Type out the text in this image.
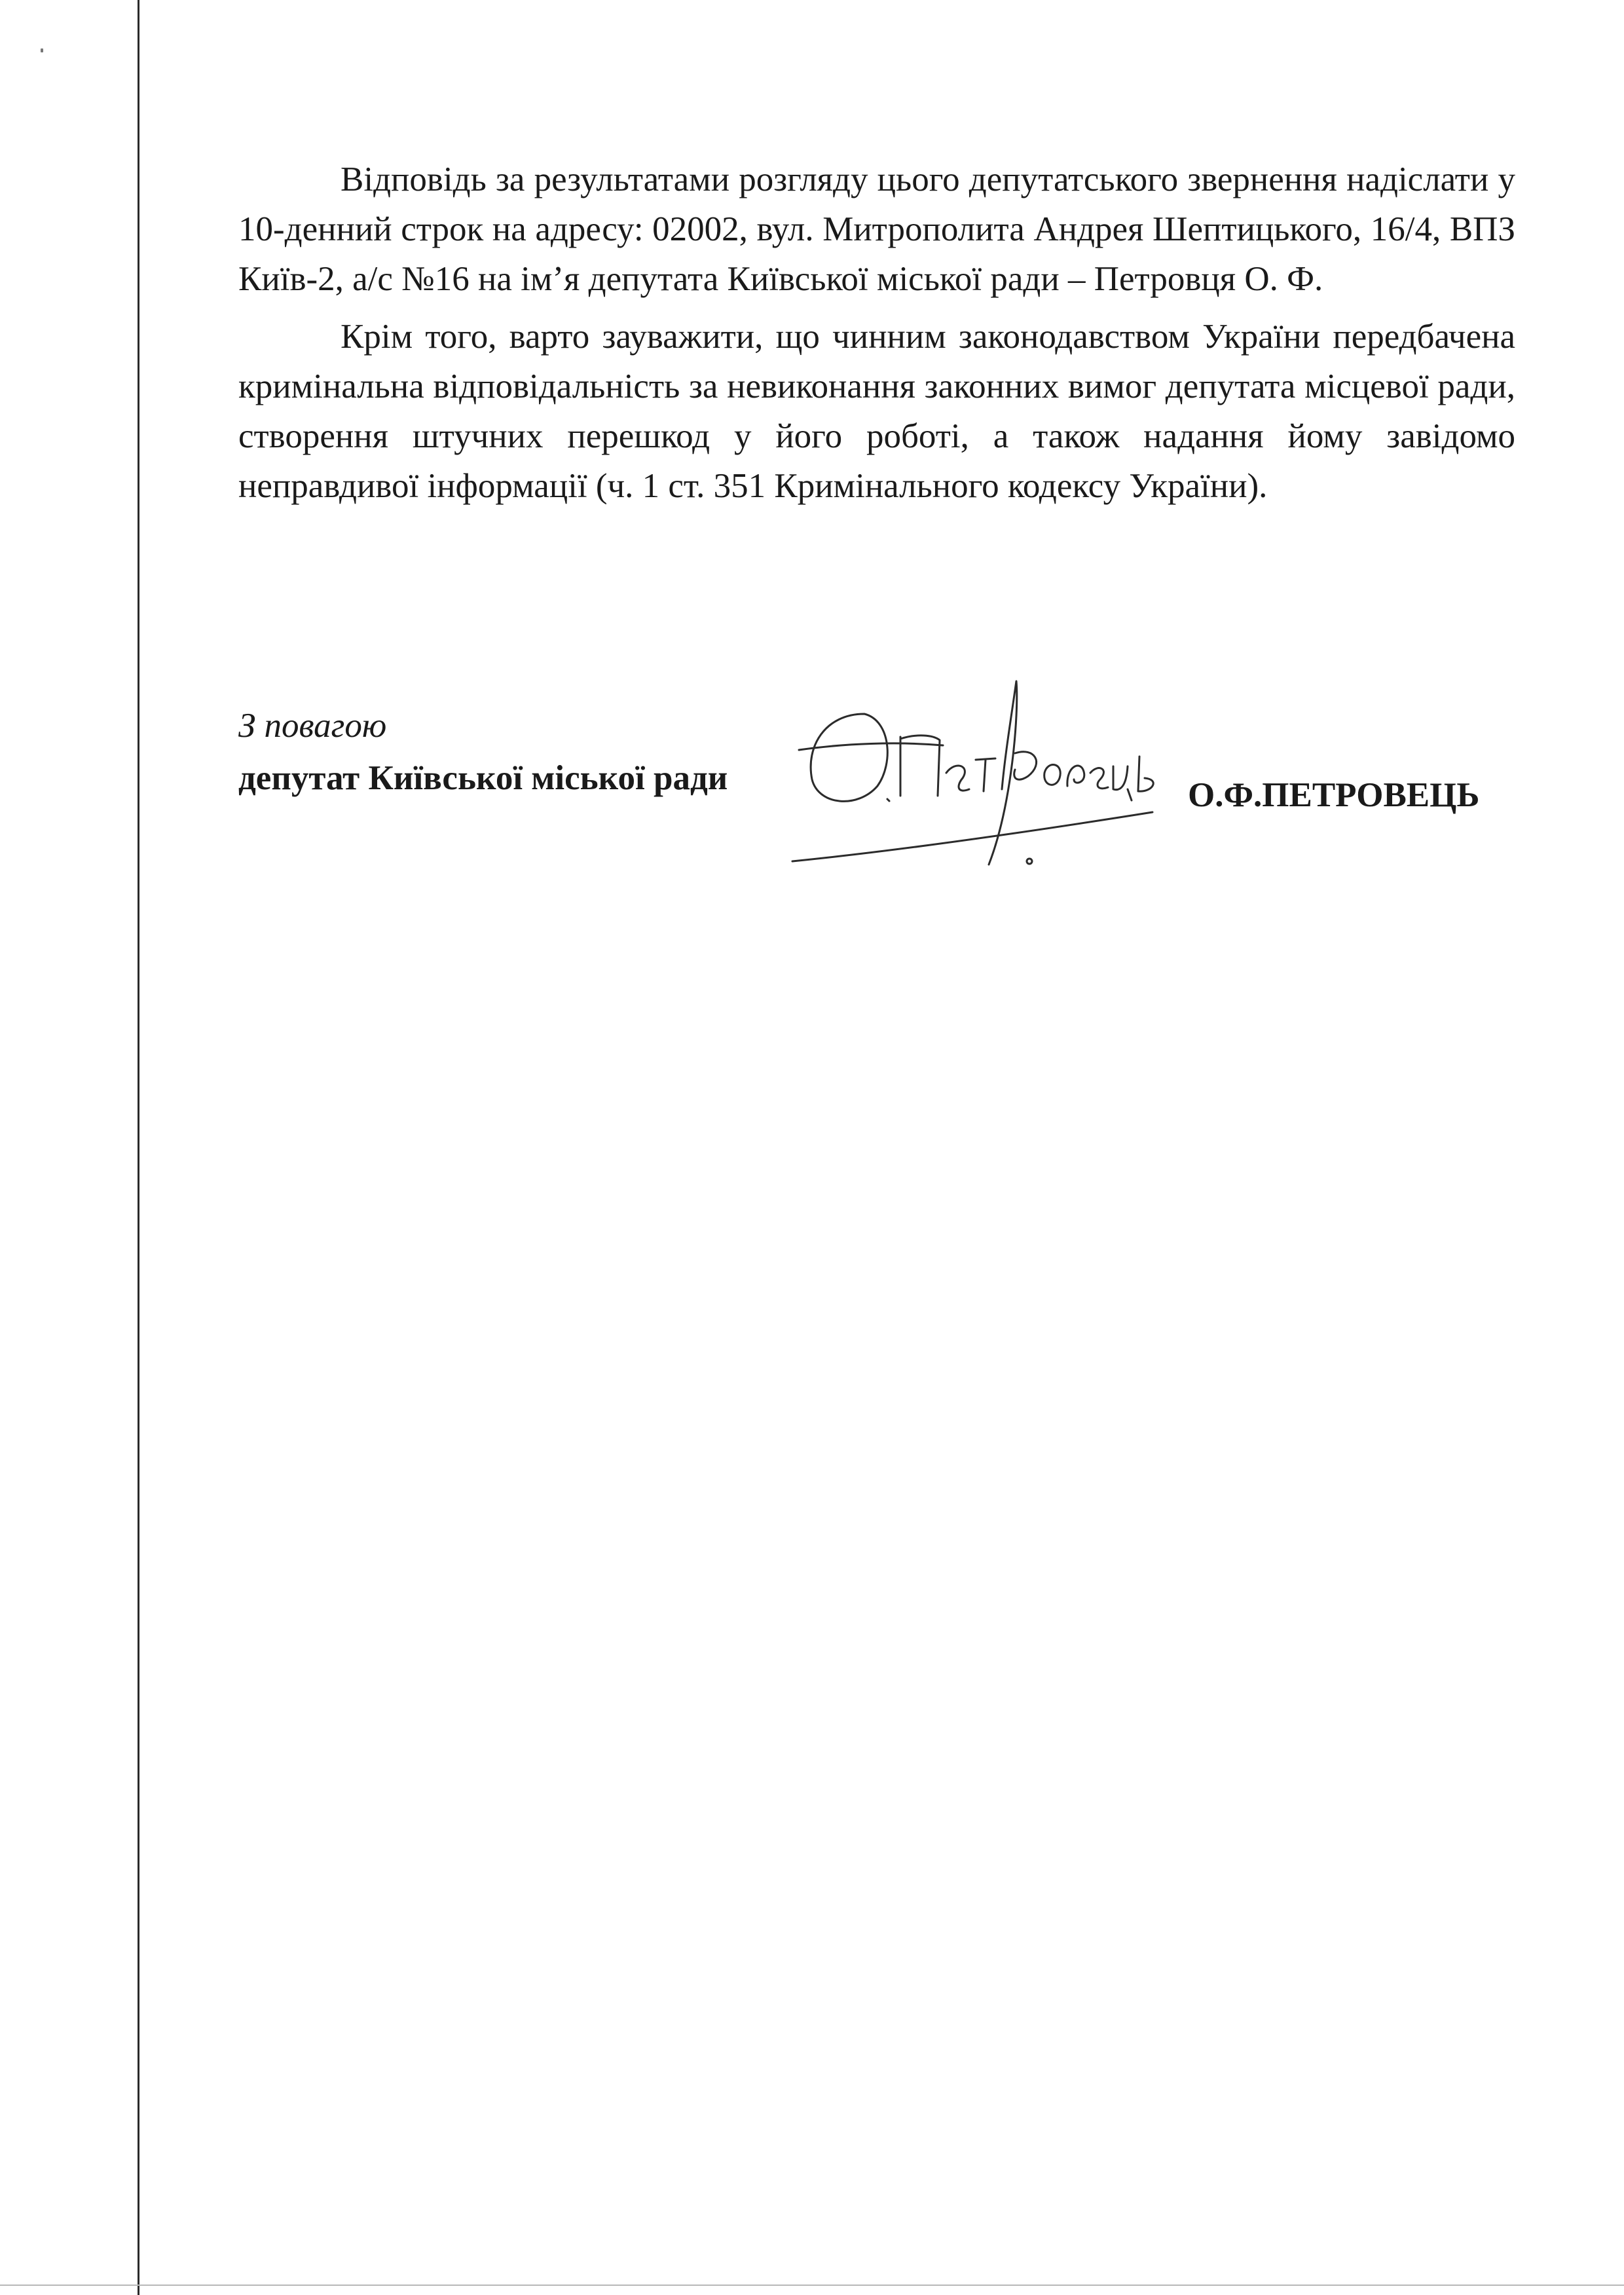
Відповідь за результатами розгляду цього депутатського звернення надіслати у 10-денний строк на адресу: 02002, вул. Митрополита Андрея Шептицького, 16/4, ВПЗ Київ-2, а/с №16 на ім’я депутата Київської міської ради – Петровця О. Ф.

Крім того, варто зауважити, що чинним законодавством України передбачена кримінальна відповідальність за невиконання законних вимог депутата місцевої ради, створення штучних перешкод у його роботі, а також надання йому завідомо неправдивої інформації (ч. 1 ст. 351 Кримінального кодексу України).

З повагою
депутат Київської міської ради	О.Ф.ПЕТРОВЕЦЬ
